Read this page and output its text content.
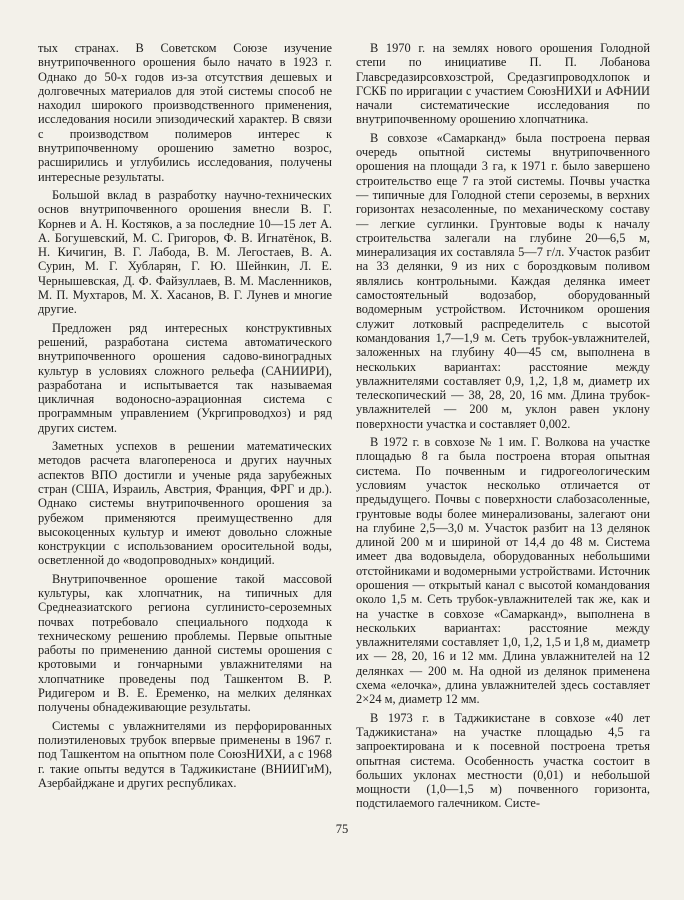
тых странах. В Советском Союзе изучение внутрипочвенного орошения было начато в 1923 г. Однако до 50-х годов из-за отсутствия дешевых и долговечных материалов для этой системы способ не находил широкого производственного применения, исследования носили эпизодический характер. В связи с производством полимеров интерес к внутрипочвенному орошению заметно возрос, расширились и углубились исследования, получены интересные результаты.

Большой вклад в разработку научно-технических основ внутрипочвенного орошения внесли В. Г. Корнев и А. Н. Костяков, а за последние 10—15 лет А. А. Богушевский, М. С. Григоров, Ф. В. Игнатёнок, В. Н. Кичигин, В. Г. Лабода, В. М. Легостаев, В. А. Сурин, М. Г. Хубларян, Г. Ю. Шейнкин, Л. Е. Чернышевская, Д. Ф. Файзуллаев, В. М. Масленников, М. П. Мухтаров, М. Х. Хасанов, В. Г. Лунев и многие другие.

Предложен ряд интересных конструктивных решений, разработана система автоматического внутрипочвенного орошения садово-виноградных культур в условиях сложного рельефа (САНИИРИ), разработана и испытывается так называемая цикличная водоносно-аэрационная система с программным управлением (Укргипроводхоз) и ряд других систем.

Заметных успехов в решении математических методов расчета влагопереноса и других научных аспектов ВПО достигли и ученые ряда зарубежных стран (США, Израиль, Австрия, Франция, ФРГ и др.). Однако системы внутрипочвенного орошения за рубежом применяются преимущественно для высокоценных культур и имеют довольно сложные конструкции с использованием оросительной воды, осветленной до «водопроводных» кондиций.

Внутрипочвенное орошение такой массовой культуры, как хлопчатник, на типичных для Среднеазиатского региона суглинисто-сероземных почвах потребовало специального подхода к техническому решению проблемы. Первые опытные работы по применению данной системы орошения с кротовыми и гончарными увлажнителями на хлопчатнике проведены под Ташкентом В. Р. Ридигером и В. Е. Еременко, на мелких делянках получены обнадеживающие результаты.

Системы с увлажнителями из перфорированных полиэтиленовых трубок впервые применены в 1967 г. под Ташкентом на опытном поле СоюзНИХИ, а с 1968 г. такие опыты ведутся в Таджикистане (ВНИИГиМ), Азербайджане и других республиках.

В 1970 г. на землях нового орошения Голодной степи по инициативе П. П. Лобанова Главсредазирсовхозстрой, Средазгипроводхлопок и ГСКБ по ирригации с участием СоюзНИХИ и АФНИИ начали систематические исследования по внутрипочвенному орошению хлопчатника.

В совхозе «Самарканд» была построена первая очередь опытной системы внутрипочвенного орошения на площади 3 га, к 1971 г. было завершено строительство еще 7 га этой системы. Почвы участка — типичные для Голодной степи сероземы, в верхних горизонтах незасоленные, по механическому составу — легкие суглинки. Грунтовые воды к началу строительства залегали на глубине 20—6,5 м, минерализация их составляла 5—7 г/л. Участок разбит на 33 делянки, 9 из них с бороздковым поливом являлись контрольными. Каждая делянка имеет самостоятельный водозабор, оборудованный водомерным устройством. Источником орошения служит лотковый распределитель с высотой командования 1,7—1,9 м. Сеть трубок-увлажнителей, заложенных на глубину 40—45 см, выполнена в нескольких вариантах: расстояние между увлажнителями составляет 0,9, 1,2, 1,8 м, диаметр их телескопический — 38, 28, 20, 16 мм. Длина трубок-увлажнителей — 200 м, уклон равен уклону поверхности участка и составляет 0,002.

В 1972 г. в совхозе № 1 им. Г. Волкова на участке площадью 8 га была построена вторая опытная система. По почвенным и гидрогеологическим условиям участок несколько отличается от предыдущего. Почвы с поверхности слабозасоленные, грунтовые воды более минерализованы, залегают они на глубине 2,5—3,0 м. Участок разбит на 13 делянок длиной 200 м и шириной от 14,4 до 48 м. Система имеет два водовыдела, оборудованных небольшими отстойниками и водомерными устройствами. Источник орошения — открытый канал с высотой командования около 1,5 м. Сеть трубок-увлажнителей так же, как и на участке в совхозе «Самарканд», выполнена в нескольких вариантах: расстояние между увлажнителями составляет 1,0, 1,2, 1,5 и 1,8 м, диаметр их — 28, 20, 16 и 12 мм. Длина увлажнителей на 12 делянках — 200 м. На одной из делянок применена схема «елочка», длина увлажнителей здесь составляет 2×24 м, диаметр 12 мм.

В 1973 г. в Таджикистане в совхозе «40 лет Таджикистана» на участке площадью 4,5 га запроектирована и к посевной построена третья опытная система. Особенность участка состоит в больших уклонах местности (0,01) и небольшой мощности (1,0—1,5 м) почвенного горизонта, подстилаемого галечником. Систе-

75
